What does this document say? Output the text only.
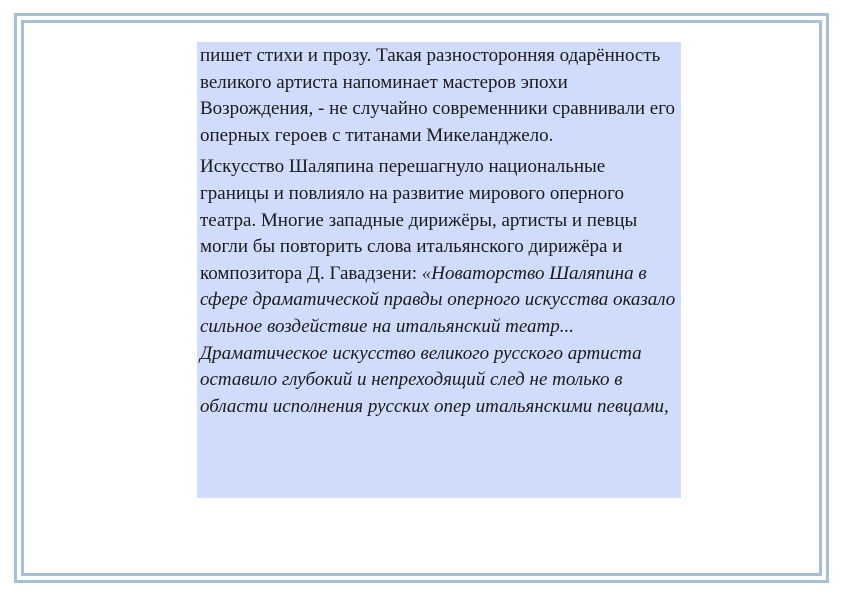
пишет стихи и прозу. Такая разносторонняя одарённость великого артиста напоминает мастеров эпохи Возрождения, - не случайно современники сравнивали его оперных героев с титанами Микеланджело.

Искусство Шаляпина перешагнуло национальные границы и повлияло на развитие мирового оперного театра. Многие западные дирижёры, артисты и певцы могли бы повторить слова итальянского дирижёра и композитора Д. Гавадзени: «Новаторство Шаляпина в сфере драматической правды оперного искусства оказало сильное воздействие на итальянский театр... Драматическое искусство великого русского артиста оставило глубокий и непреходящий след не только в области исполнения русских опер итальянскими певцами,
